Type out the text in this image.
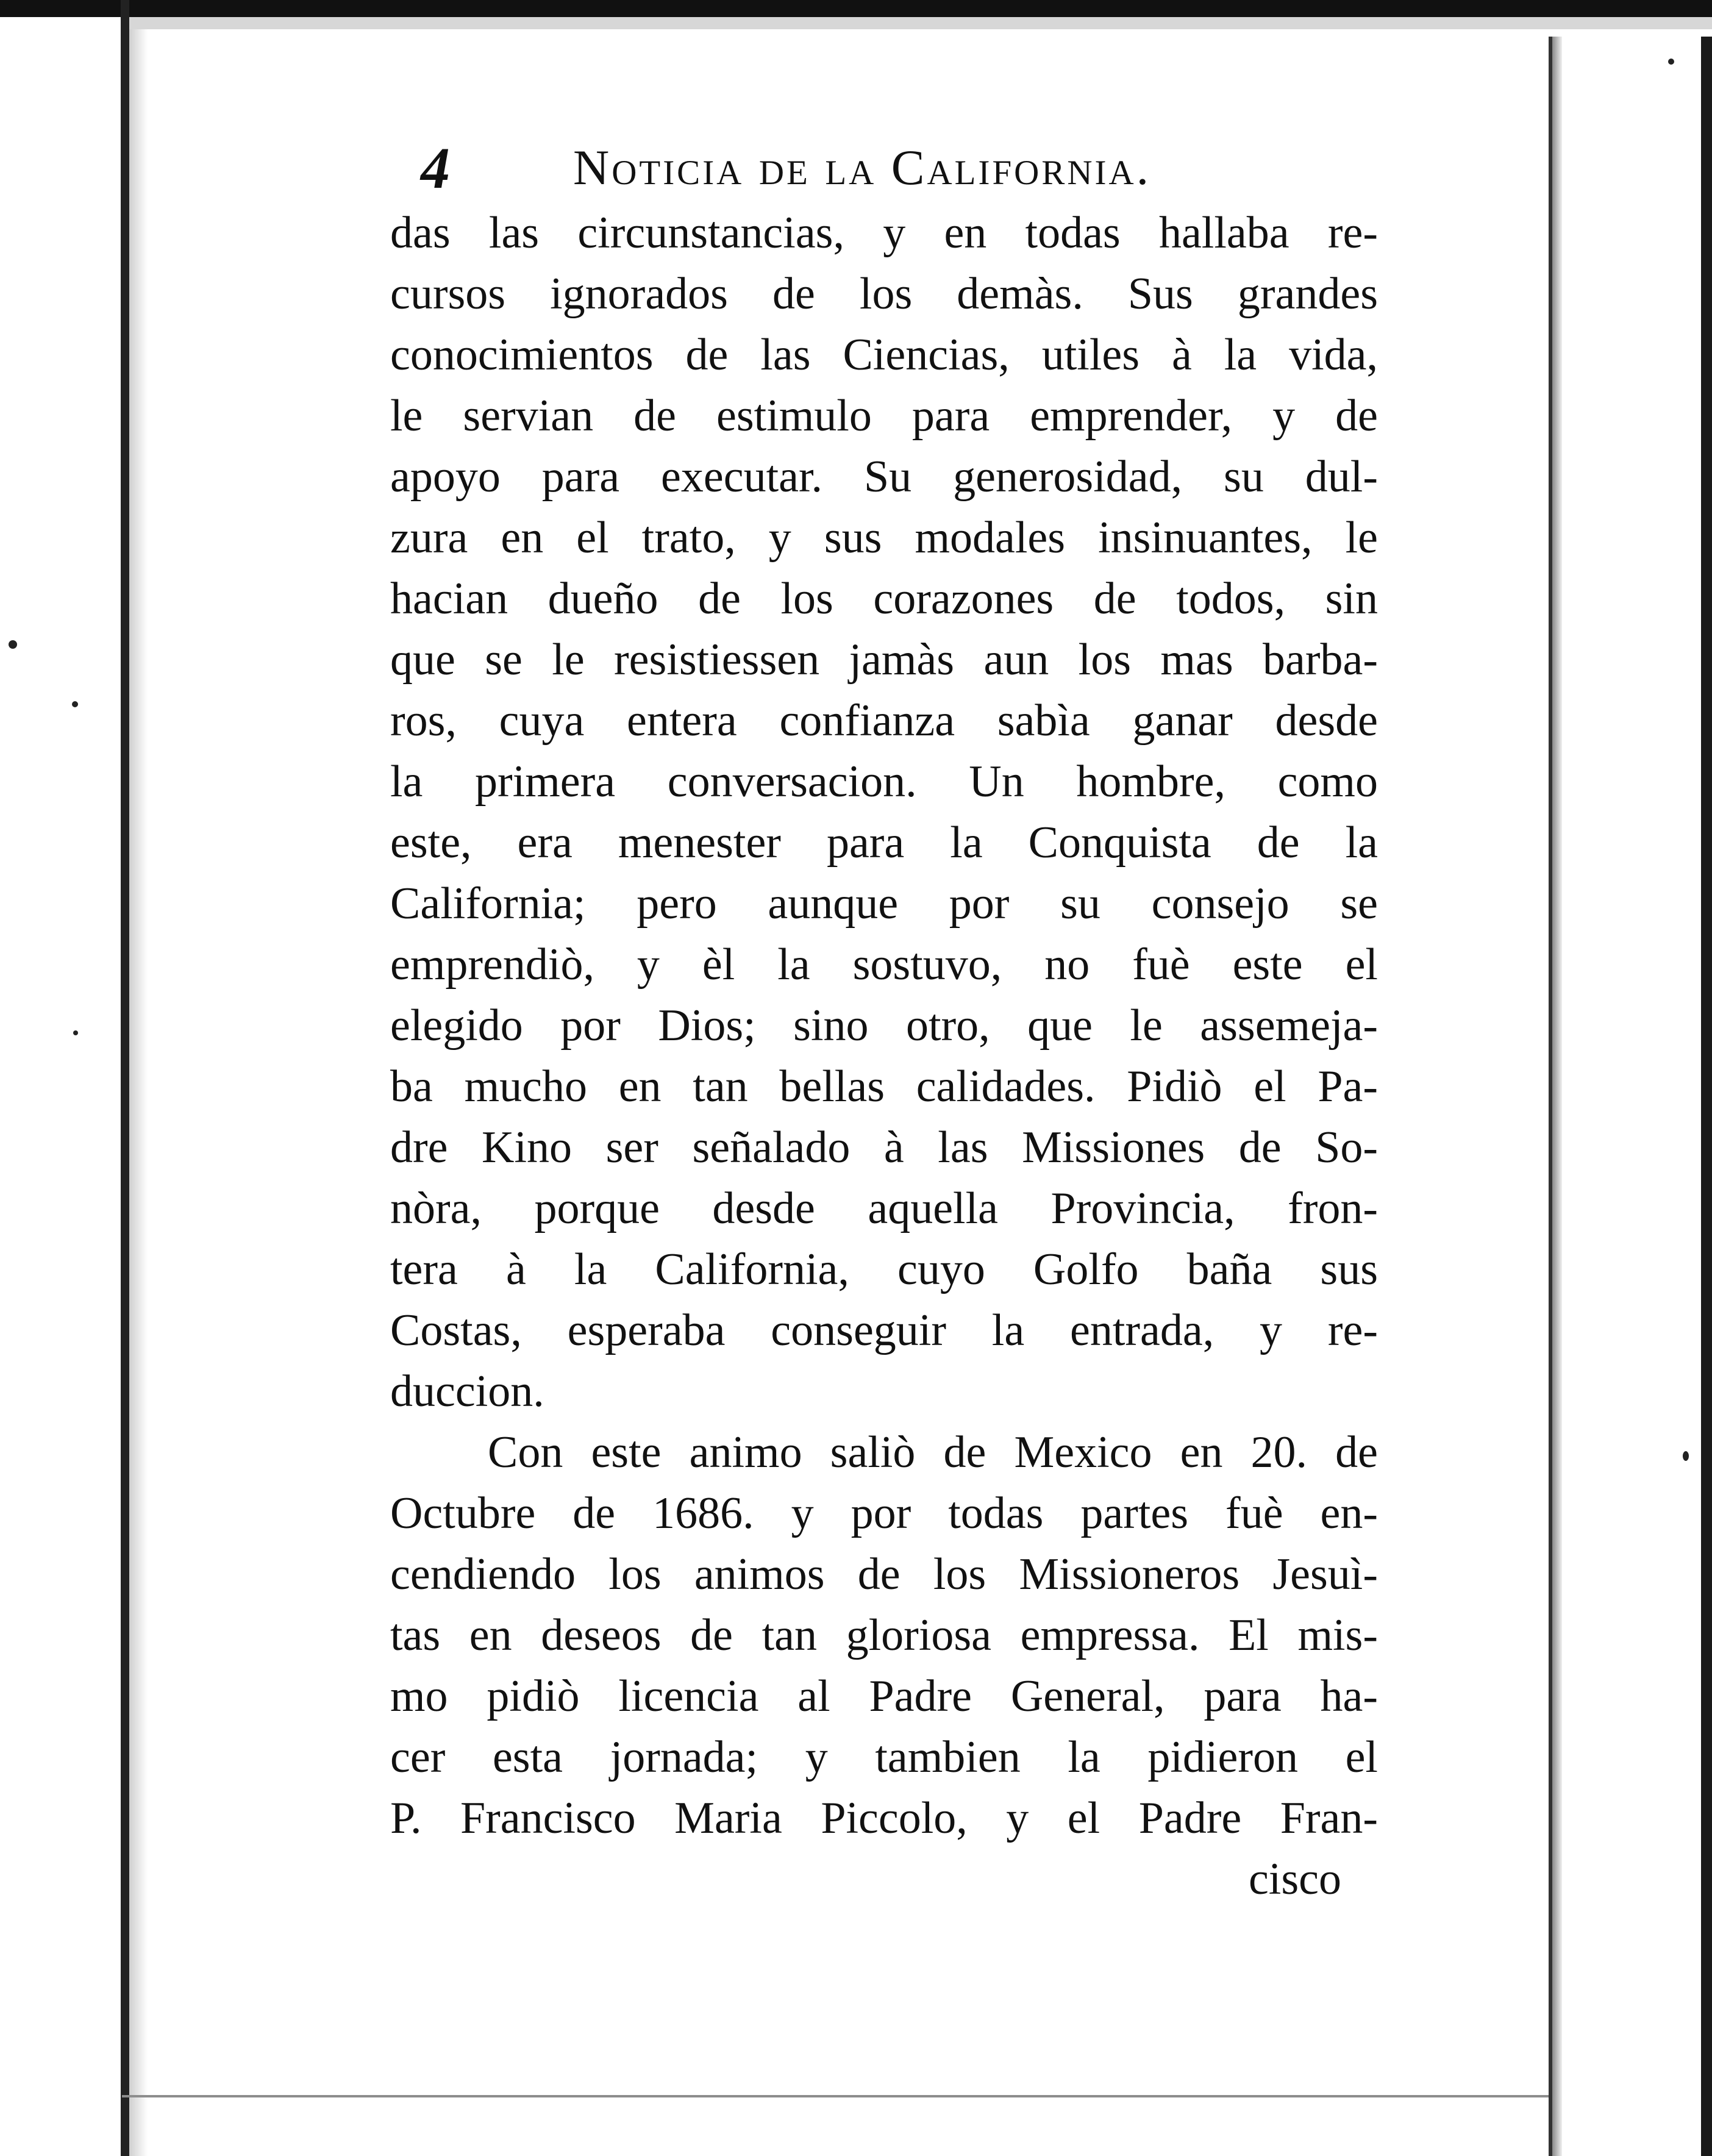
4 Noticia de la California.
das las circunstancias, y en todas hallaba re-
cursos ignorados de los demàs. Sus grandes
conocimientos de las Ciencias, utiles à la vida,
le servian de estimulo para emprender, y de
apoyo para executar. Su generosidad, su dul-
zura en el trato, y sus modales insinuantes, le
hacian dueño de los corazones de todos, sin
que se le resistiessen jamàs aun los mas barba-
ros, cuya entera confianza sabìa ganar desde
la primera conversacion. Un hombre, como
este, era menester para la Conquista de la
California; pero aunque por su consejo se
emprendiò, y èl la sostuvo, no fuè este el
elegido por Dios; sino otro, que le assemeja-
ba mucho en tan bellas calidades. Pidiò el Pa-
dre Kino ser señalado à las Missiones de So-
nòra, porque desde aquella Provincia, fron-
tera à la California, cuyo Golfo baña sus
Costas, esperaba conseguir la entrada, y re-
duccion.
Con este animo saliò de Mexico en 20. de
Octubre de 1686. y por todas partes fuè en-
cendiendo los animos de los Missioneros Jesuì-
tas en deseos de tan gloriosa empressa. El mis-
mo pidiò licencia al Padre General, para ha-
cer esta jornada; y tambien la pidieron el
P. Francisco Maria Piccolo, y el Padre Fran-
cisco
